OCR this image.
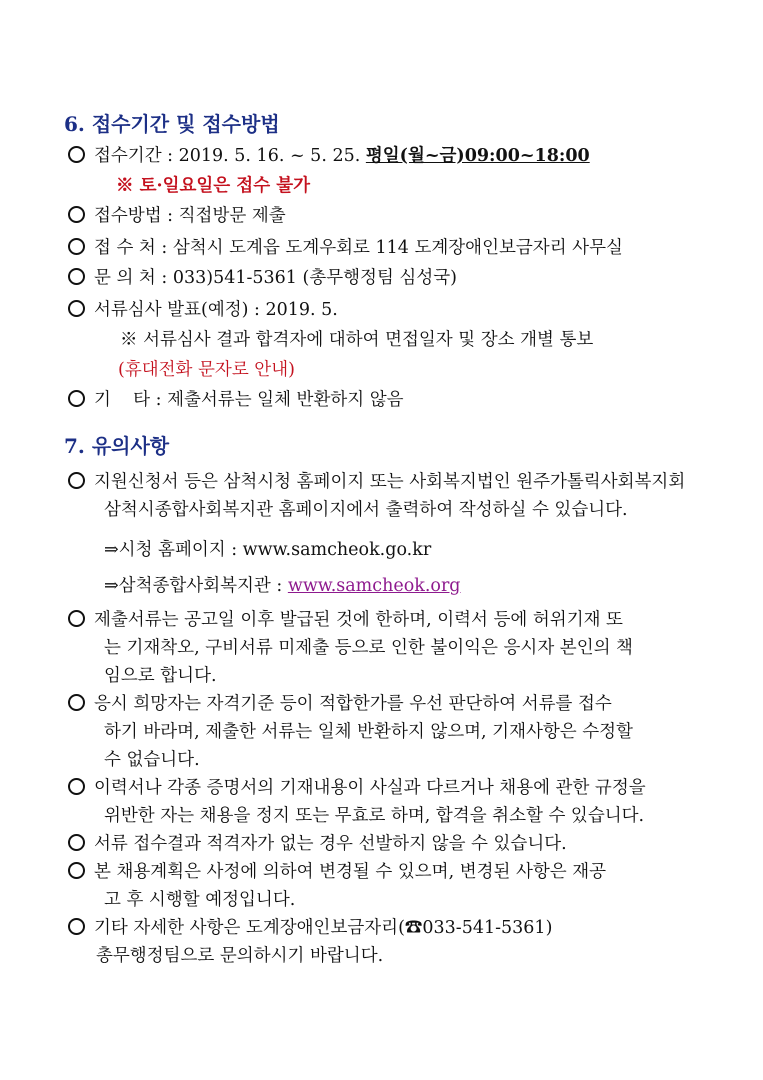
6. 접수기간 및 접수방법
접수기간 : 2019. 5. 16. ~ 5. 25. 평일(월~금)09:00~18:00
※ 토·일요일은 접수 불가
접수방법 : 직접방문 제출
접 수 처 : 삼척시 도계읍 도계우회로 114 도계장애인보금자리 사무실
문 의 처 : 033)541-5361 (총무행정팀 심성국)
서류심사 발표(예정) : 2019. 5.
※ 서류심사 결과 합격자에 대하여 면접일자 및 장소 개별 통보
(휴대전화 문자로 안내)
기    타 : 제출서류는 일체 반환하지 않음
7. 유의사항
지원신청서 등은 삼척시청 홈페이지 또는 사회복지법인 원주가톨릭사회복지회
삼척시종합사회복지관 홈페이지에서 출력하여 작성하실 수 있습니다.
⇒시청 홈페이지 : www.samcheok.go.kr
⇒삼척종합사회복지관 : www.samcheok.org
제출서류는 공고일 이후 발급된 것에 한하며, 이력서 등에 허위기재 또
는 기재착오, 구비서류 미제출 등으로 인한 불이익은 응시자 본인의 책
임으로 합니다.
응시 희망자는 자격기준 등이 적합한가를 우선 판단하여 서류를 접수
하기 바라며, 제출한 서류는 일체 반환하지 않으며, 기재사항은 수정할
수 없습니다.
이력서나 각종 증명서의 기재내용이 사실과 다르거나 채용에 관한 규정을
위반한 자는 채용을 정지 또는 무효로 하며, 합격을 취소할 수 있습니다.
서류 접수결과 적격자가 없는 경우 선발하지 않을 수 있습니다.
본 채용계획은 사정에 의하여 변경될 수 있으며, 변경된 사항은 재공
고 후 시행할 예정입니다.
기타 자세한 사항은 도계장애인보금자리(☎033-541-5361)
총무행정팀으로 문의하시기 바랍니다.
